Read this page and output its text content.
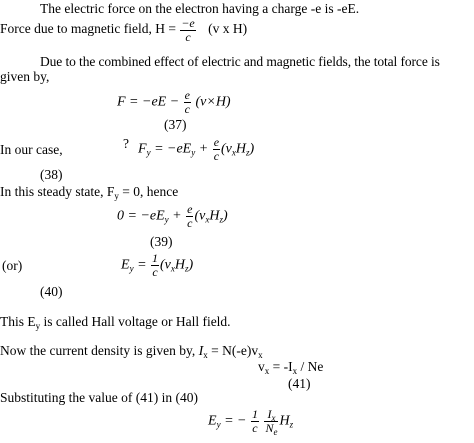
The electric force on the electron having a charge -e is -eE.
Force due to magnetic field, $H = \frac{-e}{c} (v$ x H)
Due to the combined effect of electric and magnetic fields, the total force is
given by,
$F = -eE - \frac{e}{c} (v\times H)$
(37)
In our case,	? $F_y = -eE_y + \frac{e}{c} (v_xH_z)$
(38)
In this steady state, $F_y = 0$, hence
$0 = -eE_y + \frac{e}{c} (v_xH_z)$
(39)
(or)	$E_y = \frac{1}{c} (v_xH_z)$
(40)
This $E_y$ is called Hall voltage or Hall field.
Now the current density is given by, $I_x = N(-e)v_x$
$v_x = -I_x / Ne$
(41)
Substituting the value of (41) in (40)
$E_y$ = − $\frac{1}{c}$
$\frac{I_x}{N_e} H_z$
